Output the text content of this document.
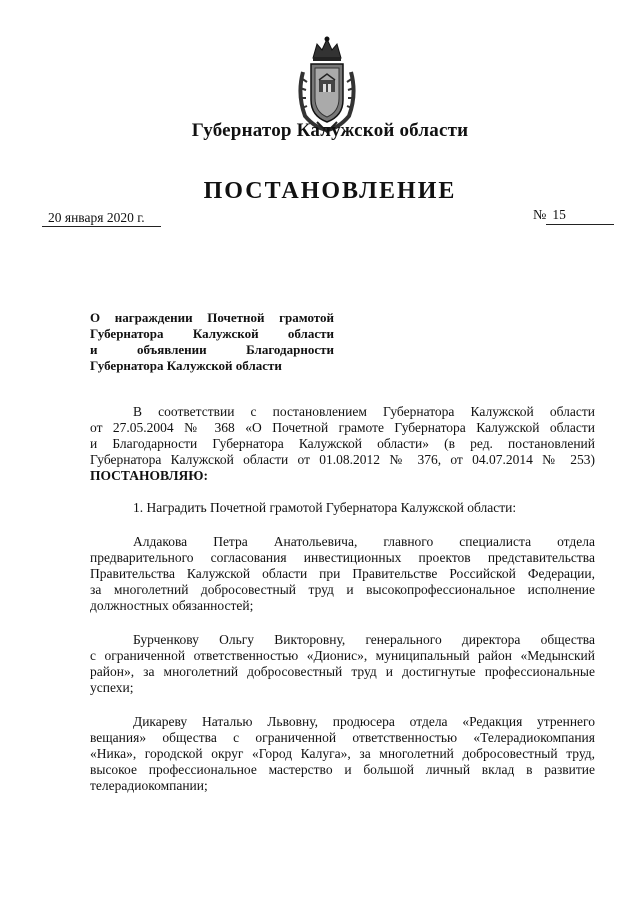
Губернатор Калужской области
ПОСТАНОВЛЕНИЕ
20 января 2020 г.	№ 15
О награждении Почетной грамотой
Губернатора Калужской области
и объявлении Благодарности
Губернатора Калужской области
В соответствии с постановлением Губернатора Калужской области
от 27.05.2004 № 368 «О Почетной грамоте Губернатора Калужской области
и Благодарности Губернатора Калужской области» (в ред. постановлений
Губернатора Калужской области от 01.08.2012 № 376, от 04.07.2014 № 253)
ПОСТАНОВЛЯЮ:
1. Наградить Почетной грамотой Губернатора Калужской области:
Алдакова Петра Анатольевича, главного специалиста отдела
предварительного согласования инвестиционных проектов представительства
Правительства Калужской области при Правительстве Российской Федерации,
за многолетний добросовестный труд и высокопрофессиональное исполнение
должностных обязанностей;
Бурченкову Ольгу Викторовну, генерального директора общества
с ограниченной ответственностью «Дионис», муниципальный район «Медынский
район», за многолетний добросовестный труд и достигнутые профессиональные
успехи;
Дикареву Наталью Львовну, продюсера отдела «Редакция утреннего
вещания» общества с ограниченной ответственностью «Телерадиокомпания
«Ника», городской округ «Город Калуга», за многолетний добросовестный труд,
высокое профессиональное мастерство и большой личный вклад в развитие
телерадиокомпании;
